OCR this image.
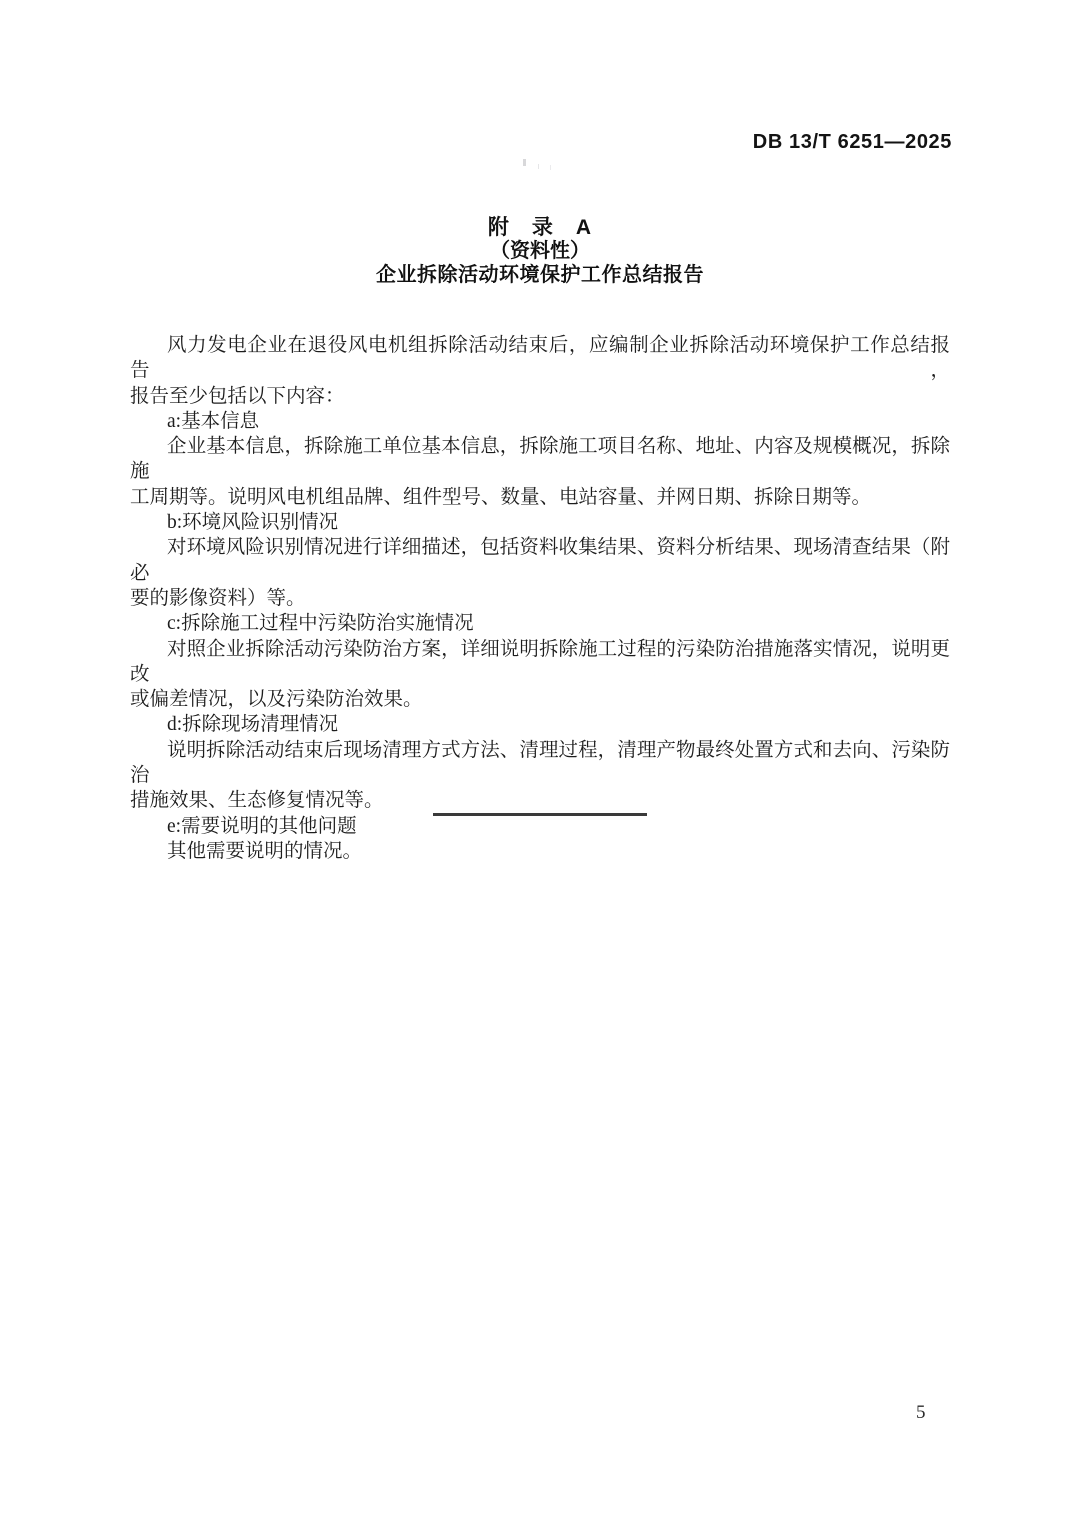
DB 13/T 6251—2025
附　录　A
（资料性）
企业拆除活动环境保护工作总结报告
风力发电企业在退役风电机组拆除活动结束后，应编制企业拆除活动环境保护工作总结报告，
报告至少包括以下内容：
a:基本信息
企业基本信息，拆除施工单位基本信息，拆除施工项目名称、地址、内容及规模概况，拆除施
工周期等。说明风电机组品牌、组件型号、数量、电站容量、并网日期、拆除日期等。
b:环境风险识别情况
对环境风险识别情况进行详细描述，包括资料收集结果、资料分析结果、现场清查结果（附必
要的影像资料）等。
c:拆除施工过程中污染防治实施情况
对照企业拆除活动污染防治方案，详细说明拆除施工过程的污染防治措施落实情况，说明更改
或偏差情况，以及污染防治效果。
d:拆除现场清理情况
说明拆除活动结束后现场清理方式方法、清理过程，清理产物最终处置方式和去向、污染防治
措施效果、生态修复情况等。
e:需要说明的其他问题
其他需要说明的情况。
5
